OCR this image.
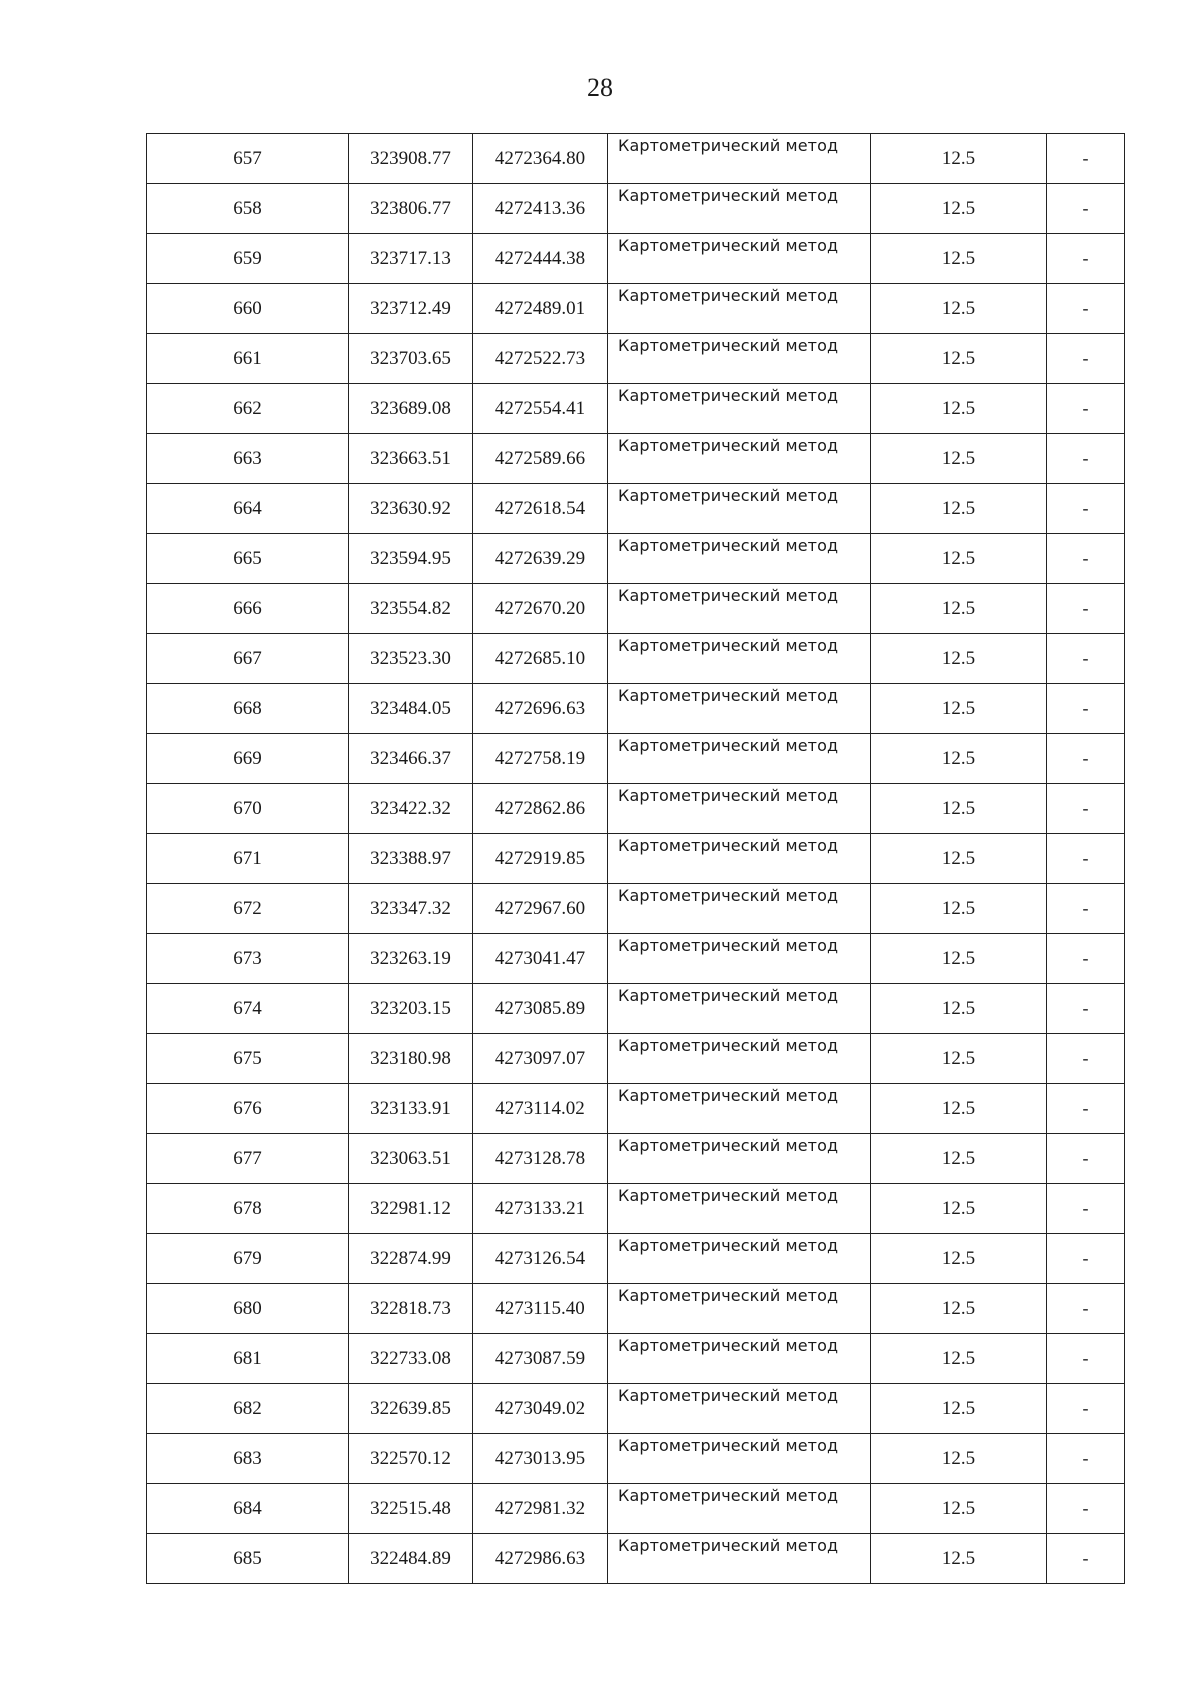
28
657	323908.77	4272364.80	Картометрический метод	12.5	-
658	323806.77	4272413.36	Картометрический метод	12.5	-
659	323717.13	4272444.38	Картометрический метод	12.5	-
660	323712.49	4272489.01	Картометрический метод	12.5	-
661	323703.65	4272522.73	Картометрический метод	12.5	-
662	323689.08	4272554.41	Картометрический метод	12.5	-
663	323663.51	4272589.66	Картометрический метод	12.5	-
664	323630.92	4272618.54	Картометрический метод	12.5	-
665	323594.95	4272639.29	Картометрический метод	12.5	-
666	323554.82	4272670.20	Картометрический метод	12.5	-
667	323523.30	4272685.10	Картометрический метод	12.5	-
668	323484.05	4272696.63	Картометрический метод	12.5	-
669	323466.37	4272758.19	Картометрический метод	12.5	-
670	323422.32	4272862.86	Картометрический метод	12.5	-
671	323388.97	4272919.85	Картометрический метод	12.5	-
672	323347.32	4272967.60	Картометрический метод	12.5	-
673	323263.19	4273041.47	Картометрический метод	12.5	-
674	323203.15	4273085.89	Картометрический метод	12.5	-
675	323180.98	4273097.07	Картометрический метод	12.5	-
676	323133.91	4273114.02	Картометрический метод	12.5	-
677	323063.51	4273128.78	Картометрический метод	12.5	-
678	322981.12	4273133.21	Картометрический метод	12.5	-
679	322874.99	4273126.54	Картометрический метод	12.5	-
680	322818.73	4273115.40	Картометрический метод	12.5	-
681	322733.08	4273087.59	Картометрический метод	12.5	-
682	322639.85	4273049.02	Картометрический метод	12.5	-
683	322570.12	4273013.95	Картометрический метод	12.5	-
684	322515.48	4272981.32	Картометрический метод	12.5	-
685	322484.89	4272986.63	Картометрический метод	12.5	-
